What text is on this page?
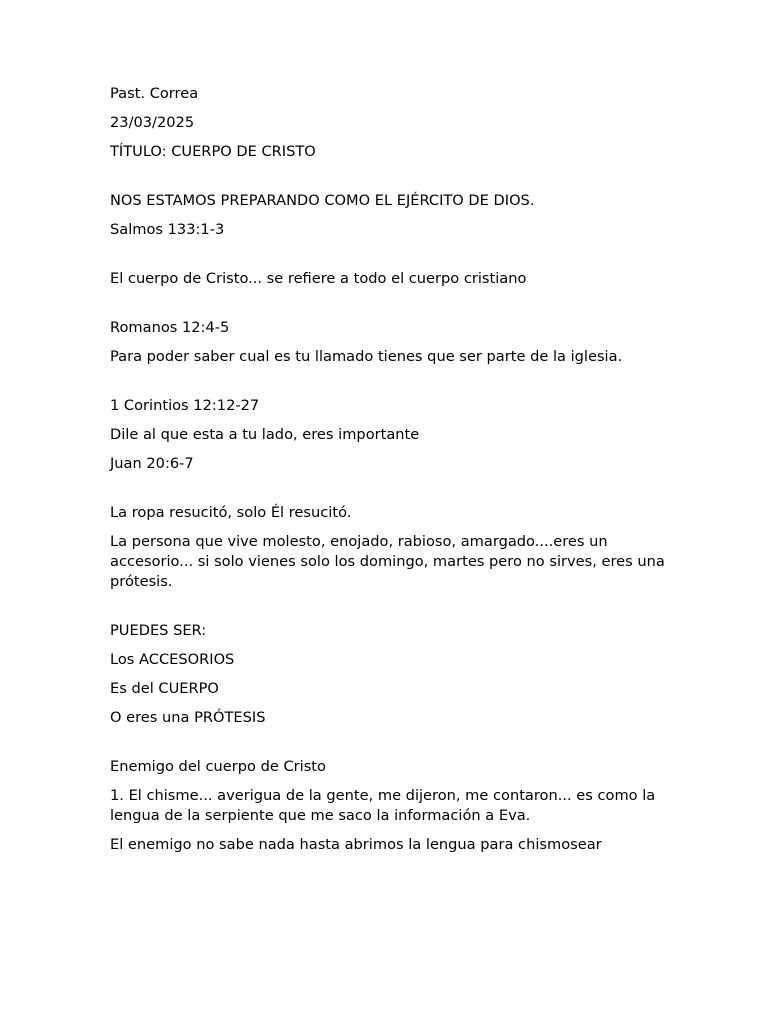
Past. Correa

23/03/2025

TÍTULO: CUERPO DE CRISTO

NOS ESTAMOS PREPARANDO COMO EL EJÉRCITO DE DIOS.

Salmos 133:1-3

El cuerpo de Cristo... se refiere a todo el cuerpo cristiano

Romanos 12:4-5

Para poder saber cual es tu llamado tienes que ser parte de la iglesia.

1 Corintios 12:12-27

Dile al que esta a tu lado, eres importante

Juan 20:6-7

La ropa resucitó, solo Él resucitó.

La persona que vive molesto, enojado, rabioso, amargado....eres un accesorio... si solo vienes solo los domingo, martes pero no sirves, eres una prótesis.

PUEDES SER:

Los ACCESORIOS

Es del CUERPO

O eres una PRÓTESIS

Enemigo del cuerpo de Cristo

1. El chisme... averigua de la gente, me dijeron, me contaron... es como la lengua de la serpiente que me saco la información a Eva.

El enemigo no sabe nada hasta abrimos la lengua para chismosear
